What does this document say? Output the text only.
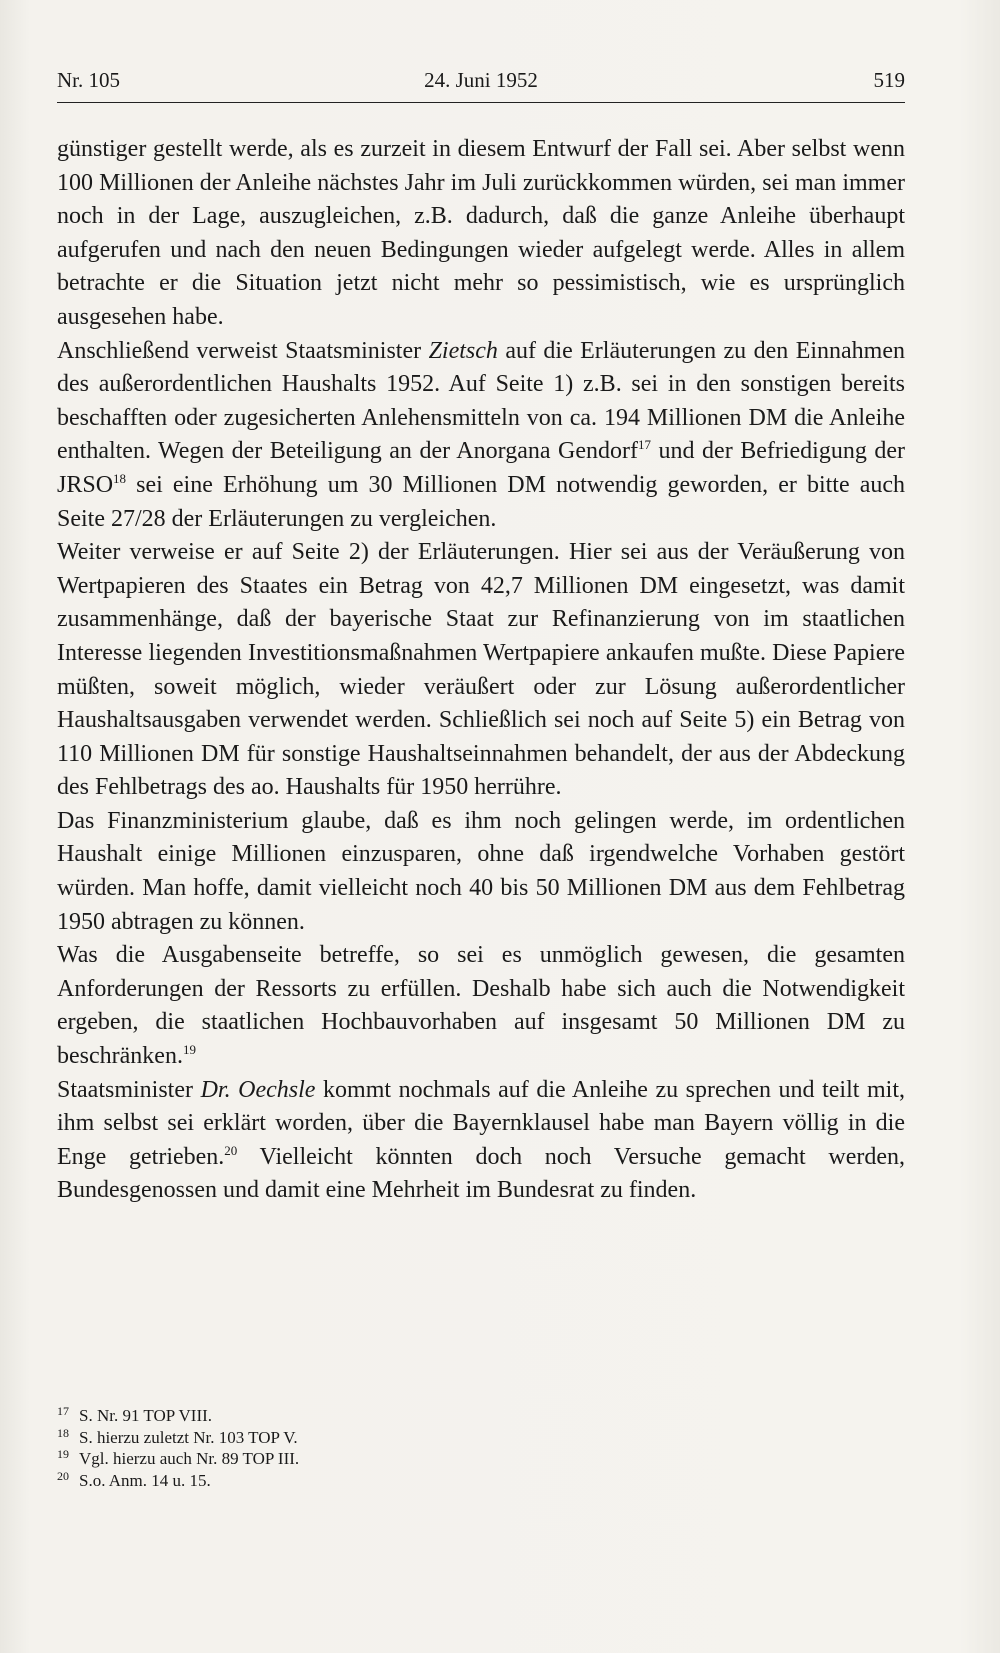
Nr. 105	24. Juni 1952	519

günstiger gestellt werde, als es zurzeit in diesem Entwurf der Fall sei. Aber selbst wenn 100 Millionen der Anleihe nächstes Jahr im Juli zurückkommen würden, sei man immer noch in der Lage, auszugleichen, z.B. dadurch, daß die ganze Anleihe überhaupt aufgerufen und nach den neuen Bedingungen wieder aufgelegt werde. Alles in allem betrachte er die Situation jetzt nicht mehr so pessimistisch, wie es ursprünglich ausgesehen habe.

Anschließend verweist Staatsminister Zietsch auf die Erläuterungen zu den Einnahmen des außerordentlichen Haushalts 1952. Auf Seite 1) z.B. sei in den sonstigen bereits beschafften oder zugesicherten Anlehensmitteln von ca. 194 Millionen DM die Anleihe enthalten. Wegen der Beteiligung an der Anorgana Gendorf$^{17}$ und der Befriedigung der JRSO$^{18}$ sei eine Erhöhung um 30 Millionen DM notwendig geworden, er bitte auch Seite 27/28 der Erläuterungen zu vergleichen.

Weiter verweise er auf Seite 2) der Erläuterungen. Hier sei aus der Veräußerung von Wertpapieren des Staates ein Betrag von 42,7 Millionen DM eingesetzt, was damit zusammenhänge, daß der bayerische Staat zur Refinanzierung von im staatlichen Interesse liegenden Investitionsmaßnahmen Wertpapiere ankaufen mußte. Diese Papiere müßten, soweit möglich, wieder veräußert oder zur Lösung außerordentlicher Haushaltsausgaben verwendet werden. Schließlich sei noch auf Seite 5) ein Betrag von 110 Millionen DM für sonstige Haushaltseinnahmen behandelt, der aus der Abdeckung des Fehlbetrags des ao. Haushalts für 1950 herrühre.

Das Finanzministerium glaube, daß es ihm noch gelingen werde, im ordentlichen Haushalt einige Millionen einzusparen, ohne daß irgendwelche Vorhaben gestört würden. Man hoffe, damit vielleicht noch 40 bis 50 Millionen DM aus dem Fehlbetrag 1950 abtragen zu können.

Was die Ausgabenseite betreffe, so sei es unmöglich gewesen, die gesamten Anforderungen der Ressorts zu erfüllen. Deshalb habe sich auch die Notwendigkeit ergeben, die staatlichen Hochbauvorhaben auf insgesamt 50 Millionen DM zu beschränken.$^{19}$

Staatsminister Dr. Oechsle kommt nochmals auf die Anleihe zu sprechen und teilt mit, ihm selbst sei erklärt worden, über die Bayernklausel habe man Bayern völlig in die Enge getrieben.$^{20}$ Vielleicht könnten doch noch Versuche gemacht werden, Bundesgenossen und damit eine Mehrheit im Bundesrat zu finden.

17 S. Nr. 91 TOP VIII.
18 S. hierzu zuletzt Nr. 103 TOP V.
19 Vgl. hierzu auch Nr. 89 TOP III.
20 S.o. Anm. 14 u. 15.
